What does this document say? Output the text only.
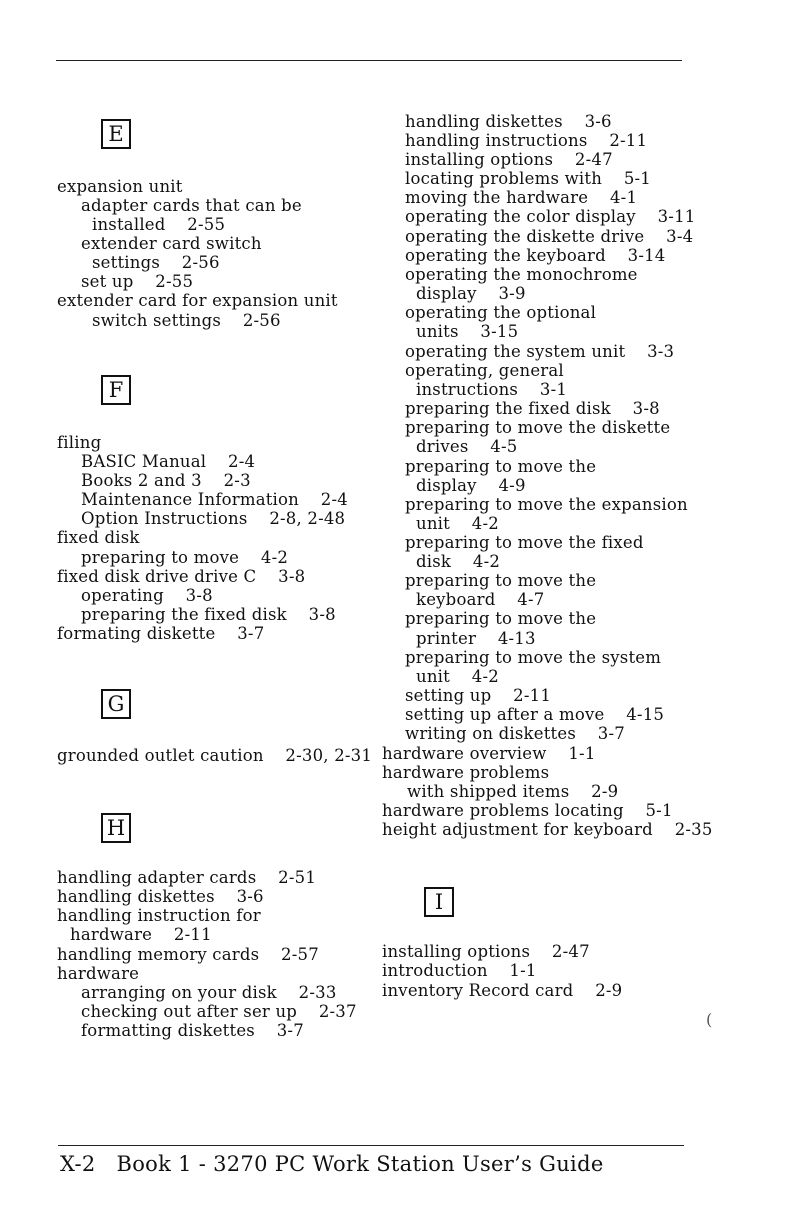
E
expansion unit
adapter cards that can be
installed    2-55
extender card switch
settings    2-56
set up    2-55
extender card for expansion unit
switch settings    2-56
F
filing
BASIC Manual    2-4
Books 2 and 3    2-3
Maintenance Information    2-4
Option Instructions    2-8, 2-48
fixed disk
preparing to move    4-2
fixed disk drive drive C    3-8
operating    3-8
preparing the fixed disk    3-8
formating diskette    3-7
G
grounded outlet caution    2-30, 2-31
H
handling adapter cards    2-51
handling diskettes    3-6
handling instruction for
hardware    2-11
handling memory cards    2-57
hardware
arranging on your disk    2-33
checking out after ser up    2-37
formatting diskettes    3-7
handling diskettes    3-6
handling instructions    2-11
installing options    2-47
locating problems with    5-1
moving the hardware    4-1
operating the color display    3-11
operating the diskette drive    3-4
operating the keyboard    3-14
operating the monochrome
display    3-9
operating the optional
units    3-15
operating the system unit    3-3
operating, general
instructions    3-1
preparing the fixed disk    3-8
preparing to move the diskette
drives    4-5
preparing to move the
display    4-9
preparing to move the expansion
unit    4-2
preparing to move the fixed
disk    4-2
preparing to move the
keyboard    4-7
preparing to move the
printer    4-13
preparing to move the system
unit    4-2
setting up    2-11
setting up after a move    4-15
writing on diskettes    3-7
hardware overview    1-1
hardware problems
with shipped items    2-9
hardware problems locating    5-1
height adjustment for keyboard    2-35
I
installing options    2-47
introduction    1-1
inventory Record card    2-9
(
X-2   Book 1 - 3270 PC Work Station User’s Guide
